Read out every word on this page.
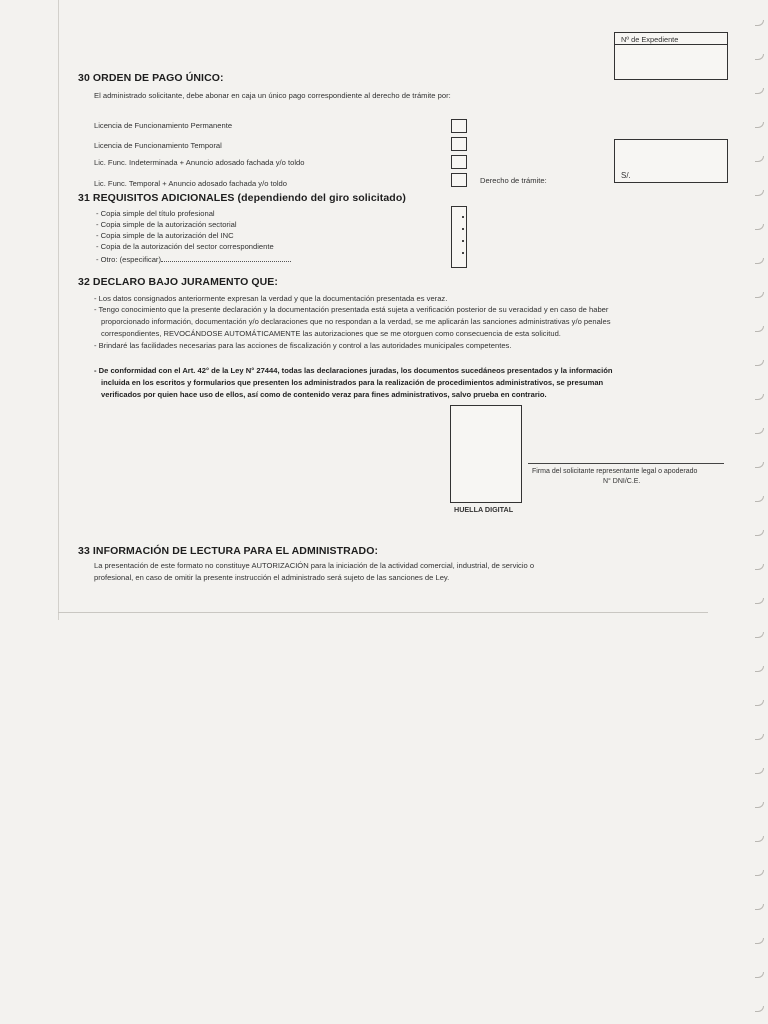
Nº de Expediente
30 ORDEN DE PAGO ÚNICO:
El administrado solicitante, debe abonar en caja un único pago correspondiente al derecho de trámite por:
Licencia de Funcionamiento Permanente
Licencia de Funcionamiento Temporal
Lic. Func. Indeterminada + Anuncio adosado fachada y/o toldo
Lic. Func. Temporal + Anuncio adosado fachada y/o toldo	Derecho de trámite:
S/.
31 REQUISITOS ADICIONALES (dependiendo del giro solicitado)
- Copia simple del título profesional
- Copia simple de la autorización sectorial
- Copia simple de la autorización del INC
- Copia de la autorización del sector correspondiente
- Otro: (especificar)
32 DECLARO BAJO JURAMENTO QUE:
- Los datos consignados anteriormente expresan la verdad y que la documentación presentada es veraz.
- Tengo conocimiento que la presente declaración y la documentación presentada está sujeta a verificación posterior de su veracidad y en caso de haber
proporcionado información, documentación y/o declaraciones que no respondan a la verdad, se me aplicarán las sanciones administrativas y/o penales
correspondientes, REVOCÁNDOSE AUTOMÁTICAMENTE las autorizaciones que se me otorguen como consecuencia de esta solicitud.
- Brindaré las facilidades necesarias para las acciones de fiscalización y control a las autoridades municipales competentes.
- De conformidad con el Art. 42° de la Ley N° 27444, todas las declaraciones juradas, los documentos sucedáneos presentados y la información
incluida en los escritos y formularios que presenten los administrados para la realización de procedimientos administrativos, se presuman
verificados por quien hace uso de ellos, así como de contenido veraz para fines administrativos, salvo prueba en contrario.
HUELLA DIGITAL
Firma del solicitante representante legal o apoderado
N° DNI/C.E.
33 INFORMACIÓN DE LECTURA PARA EL ADMINISTRADO:
La presentación de este formato no constituye AUTORIZACIÓN para la iniciación de la actividad comercial, industrial, de servicio o
profesional, en caso de omitir la presente instrucción el administrado será sujeto de las sanciones de Ley.
